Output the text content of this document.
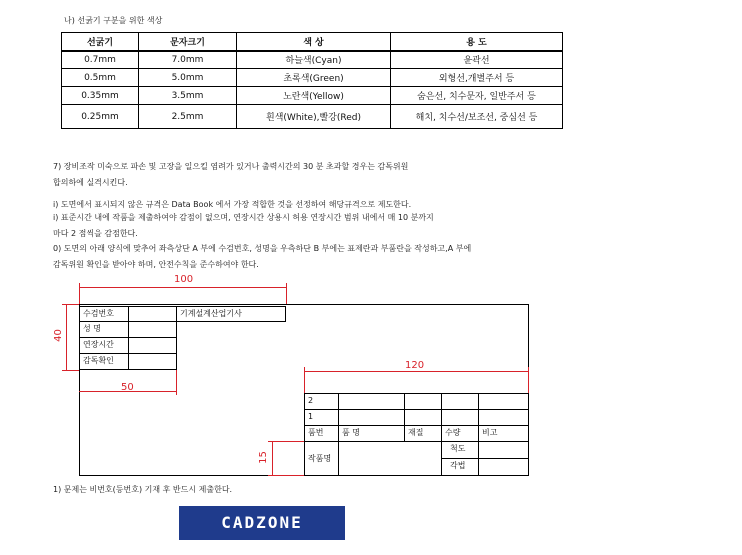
나) 선굵기 구분을 위한 색상
선굵기	문자크기	색 상	용 도
0.7mm	7.0mm	하늘색(Cyan)	윤곽선
0.5mm	5.0mm	초록색(Green)	외형선,개별주서 등
0.35mm	3.5mm	노란색(Yellow)	숨은선, 치수문자, 일반주서 등
0.25mm	2.5mm	흰색(White),빨강(Red)	해치, 치수선/보조선, 중심선 등
7) 장비조작 미숙으로 파손 및 고장을 일으킬 염려가 있거나 출력시간의 30 분 초과할 경우는 감독위원
합의하에 실격시킨다.
ⅰ) 도면에서 표시되지 않은 규격은 Data Book 에서 가장 적합한 것을 선정하여 해당규격으로 제도한다.
ⅰ) 표준시간 내에 작품을 제출하여야 감점이 없으며, 연장시간 상용시 허용 연장시간 범위 내에서 매 10 분까지
마다 2 점씩을 감점한다.
0) 도면의 아래 양식에 맞추어 좌측상단 A 부에 수검번호, 성명을 우측하단 B 부에는 표제란과 부품란을 작성하고,A 부에
감독위원 확인을 받아야 하며, 안전수칙을 준수하여야 한다.
100
40
50
120
15
수검번호
성 명
연장시간
감독확인
기계설계산업기사
2
1
품번	품 명	재질	수량	비고
작품명
척도
각법
1) 문제는 비번호(등번호) 기재 후 반드시 제출한다.
CADZONE
